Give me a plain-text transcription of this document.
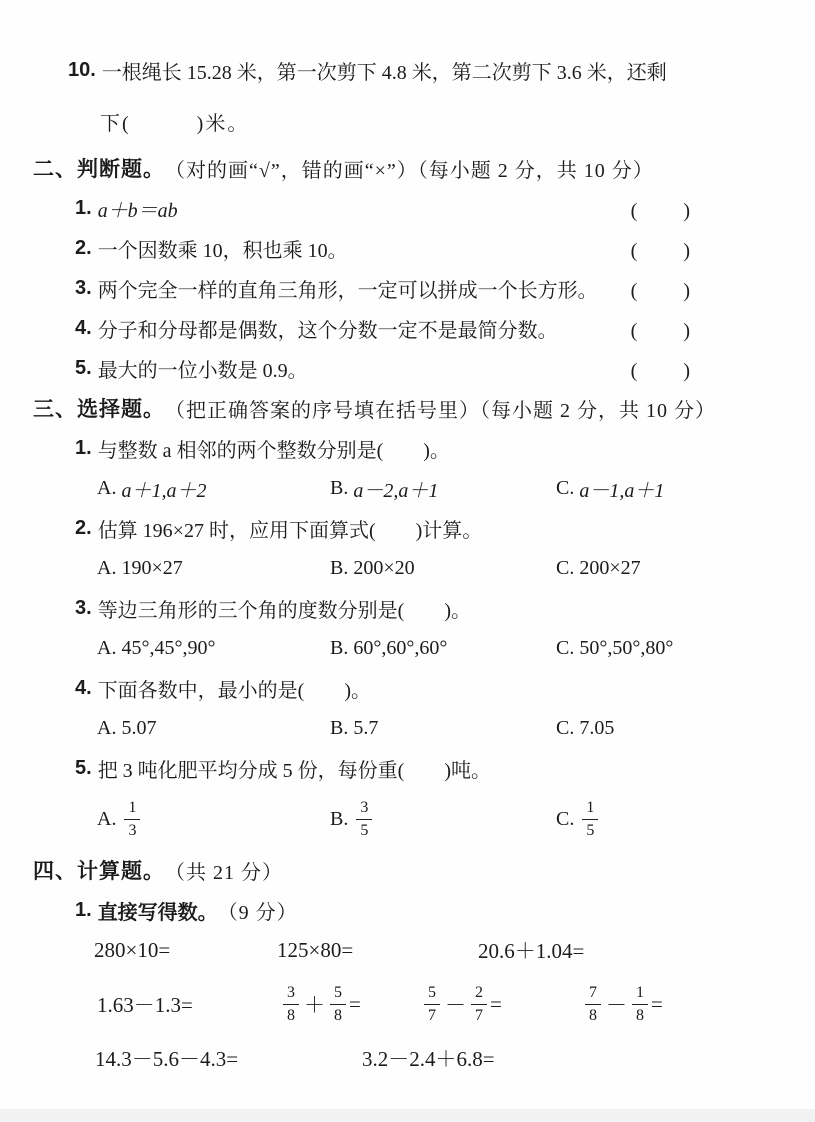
10. 一根绳长 15.28 米，第一次剪下 4.8 米，第二次剪下 3.6 米，还剩
下(　　　)米。
二、判断题。 （对的画“√”，错的画“×”）（每小题 2 分，共 10 分）
1. a＋b＝ab	(　　)
2. 一个因数乘 10，积也乘 10。	(　　)
3. 两个完全一样的直角三角形，一定可以拼成一个长方形。 (　　)
4. 分子和分母都是偶数，这个分数一定不是最简分数。	(　　)
5. 最大的一位小数是 0.9。	(　　)
三、选择题。 （把正确答案的序号填在括号里）（每小题 2 分，共 10 分）
1. 与整数 a 相邻的两个整数分别是(　　)。
A. a＋1,a＋2	B. a－2,a＋1	C. a－1,a＋1
2. 估算 196×27 时，应用下面算式(　　)计算。
A. 190×27	B. 200×20	C. 200×27
3. 等边三角形的三个角的度数分别是(　　)。
A. 45°,45°,90°	B. 60°,60°,60°	C. 50°,50°,80°
4. 下面各数中，最小的是(　　)。
A. 5.07	B. 5.7	C. 7.05
5. 把 3 吨化肥平均分成 5 份，每份重(　　)吨。
A. $\frac{1}{3}$	B. $\frac{3}{5}$	C. $\frac{1}{5}$
四、计算题。 （共 21 分）
1. 直接写得数。 （9 分）
280×10=	125×80=	20.6＋1.04=
1.63－1.3=	$\frac{3}{8} + \frac{5}{8}$ =	$\frac{5}{7} - \frac{2}{7}$ =	$\frac{7}{8} - \frac{1}{8}$ =
14.3－5.6－4.3=	3.2－2.4＋6.8=
